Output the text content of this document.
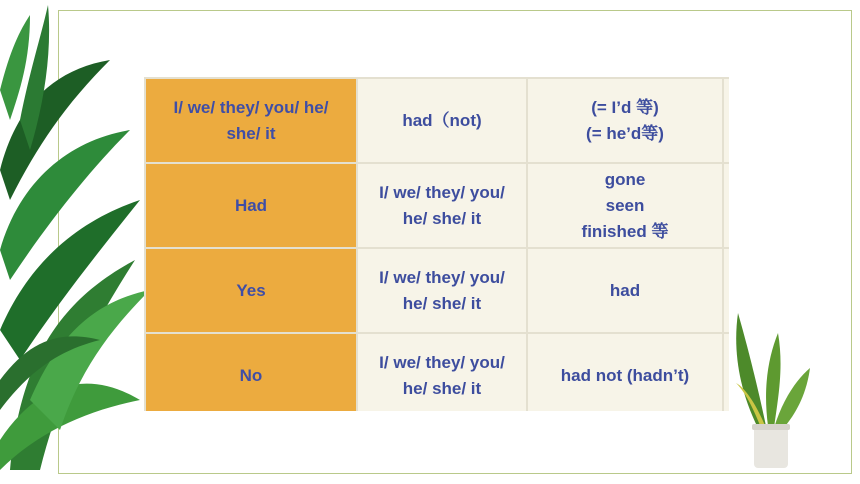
I/ we/ they/ you/ he/
she/ it	had（not)	(= I’d 等)
(= he’d等)	

Had	I/ we/ they/ you/
he/ she/ it	gone
seen
finished 等	

Yes	I/ we/ they/ you/
he/ she/ it	had	

No	I/ we/ they/ you/
he/ she/ it	had not (hadn’t)	
